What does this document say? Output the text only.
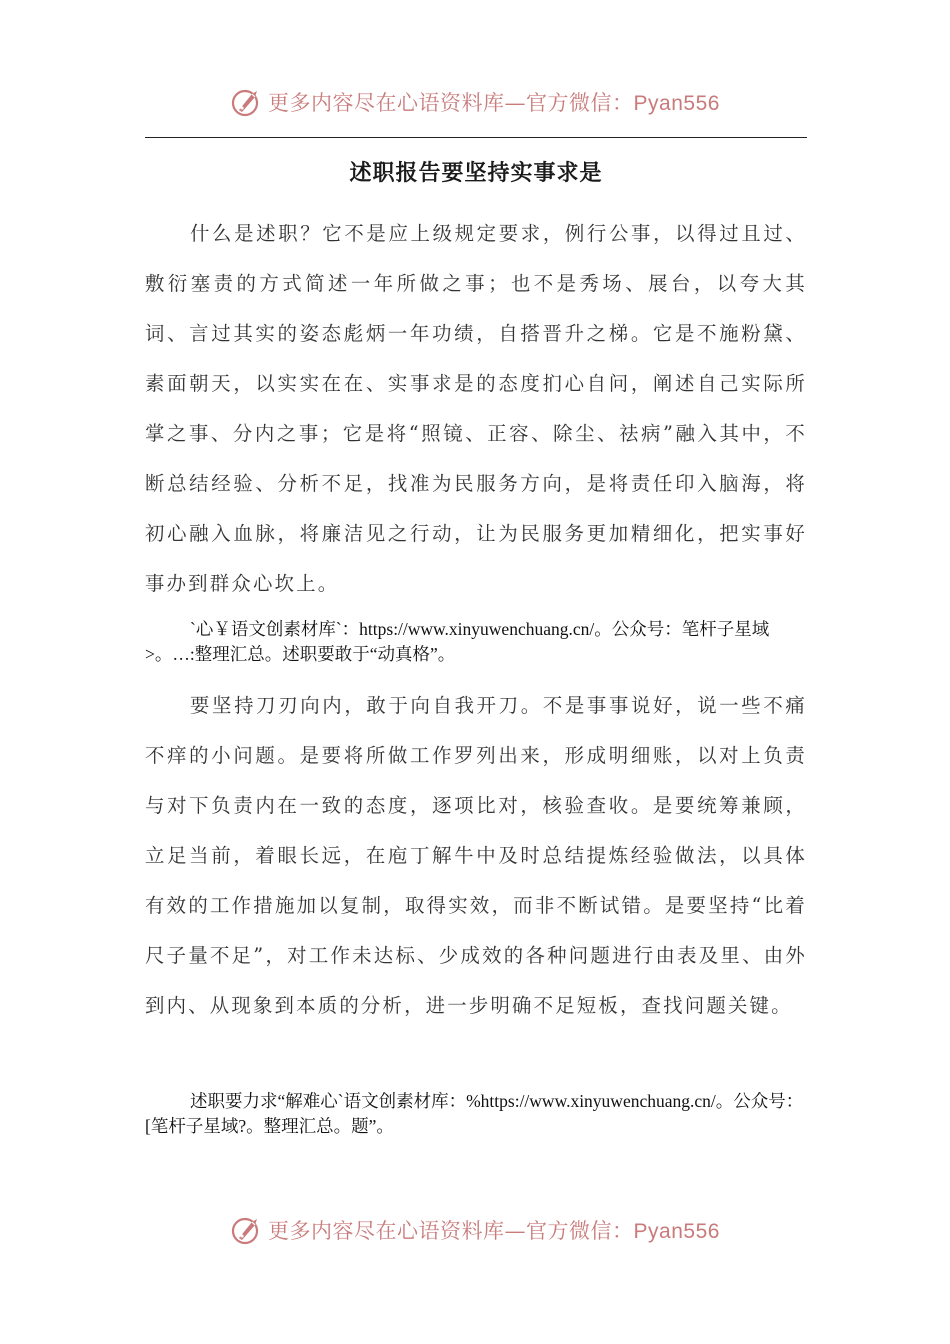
更多内容尽在心语资料库—官方微信：Pyan556
述职报告要坚持实事求是

什么是述职？它不是应上级规定要求，例行公事，以得过且过、敷衍塞责的方式简述一年所做之事；也不是秀场、展台，以夸大其词、言过其实的姿态彪炳一年功绩，自搭晋升之梯。它是不施粉黛、素面朝天，以实实在在、实事求是的态度扪心自问，阐述自己实际所掌之事、分内之事；它是将“照镜、正容、除尘、祛病”融入其中，不断总结经验、分析不足，找准为民服务方向，是将责任印入脑海，将初心融入血脉，将廉洁见之行动，让为民服务更加精细化，把实事好事办到群众心坎上。

`心￥语文创素材库`：https://www.xinyuwenchuang.cn/。公众号：笔杆子星域>。…:整理汇总。述职要敢于“动真格”。

要坚持刀刃向内，敢于向自我开刀。不是事事说好，说一些不痛不痒的小问题。是要将所做工作罗列出来，形成明细账，以对上负责与对下负责内在一致的态度，逐项比对，核验查收。是要统筹兼顾，立足当前，着眼长远，在庖丁解牛中及时总结提炼经验做法，以具体有效的工作措施加以复制，取得实效，而非不断试错。是要坚持“比着尺子量不足”，对工作未达标、少成效的各种问题进行由表及里、由外到内、从现象到本质的分析，进一步明确不足短板，查找问题关键。

述职要力求“解难心`语文创素材库：%https://www.xinyuwenchuang.cn/。公众号：[笔杆子星域?。整理汇总。题”。

更多内容尽在心语资料库—官方微信：Pyan556
